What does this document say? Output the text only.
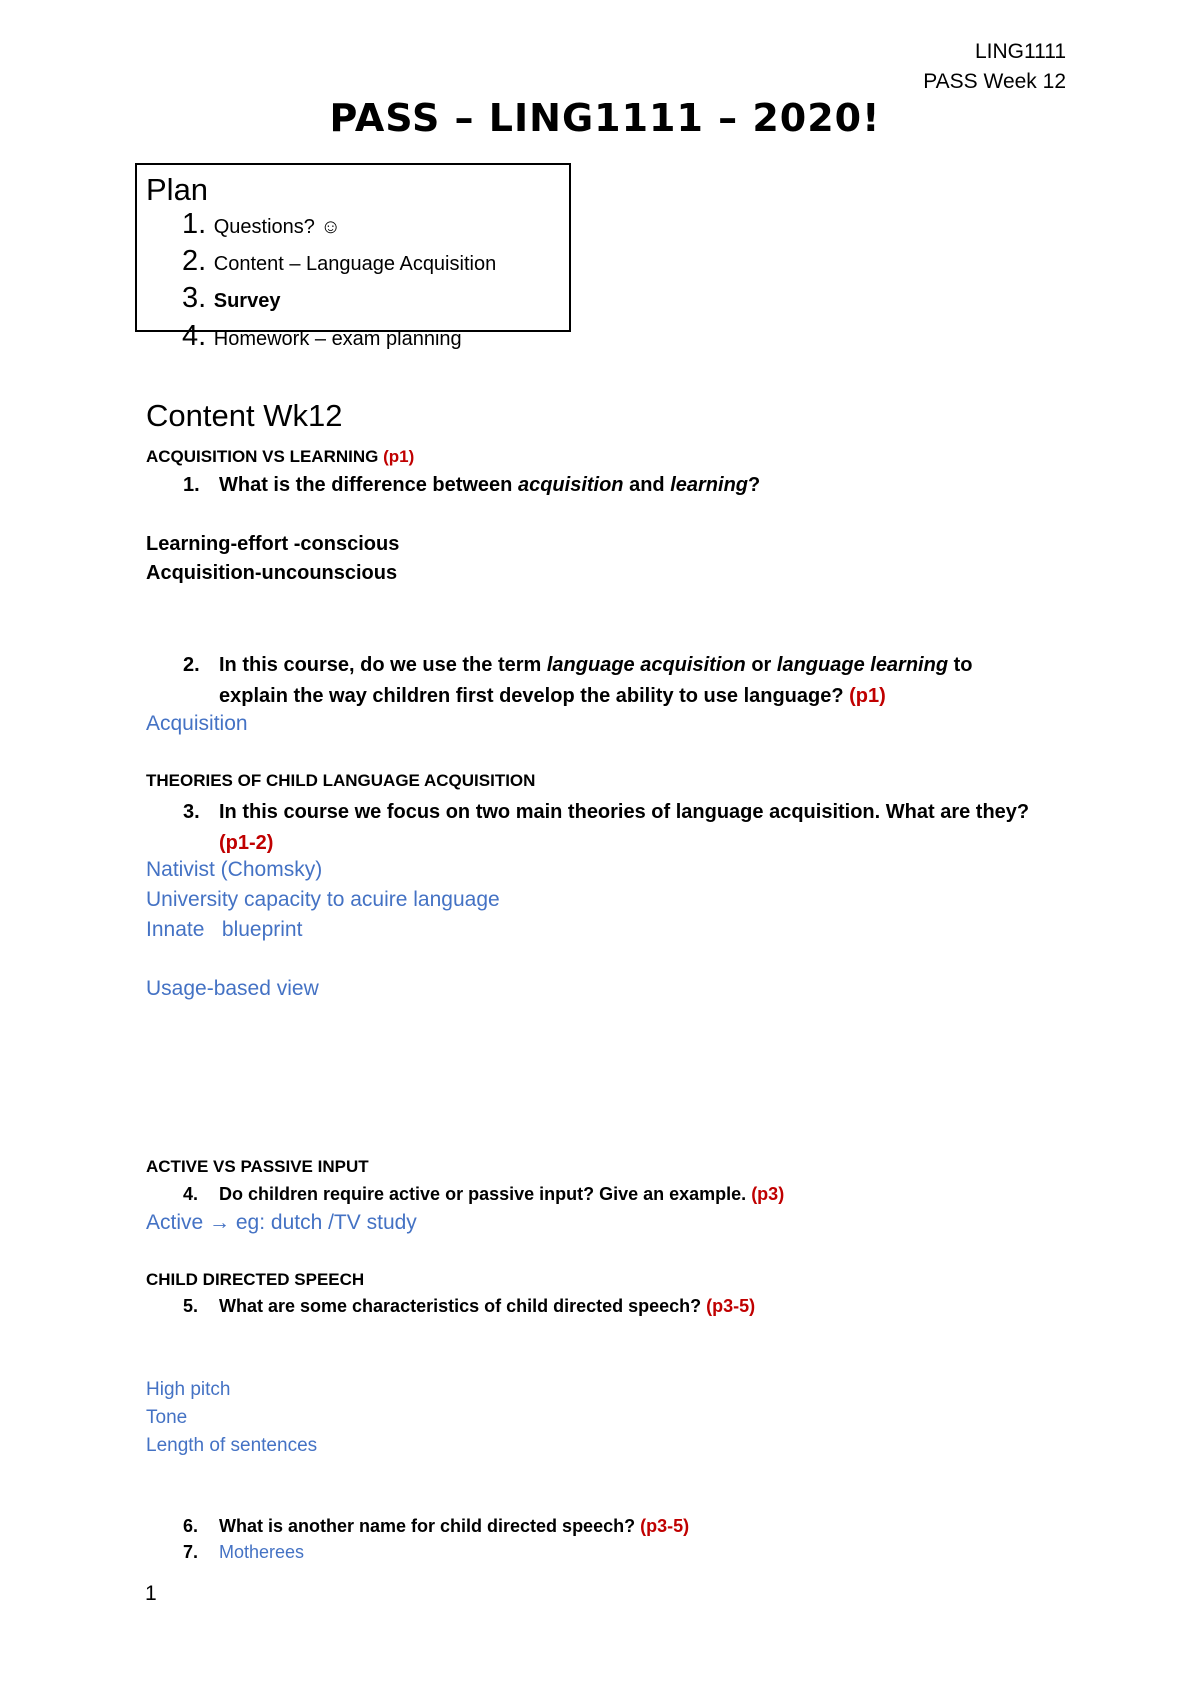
LING1111
PASS Week 12
PASS – LING1111 – 2020!
Plan
1. Questions? ☺
2. Content – Language Acquisition
3. Survey
4. Homework – exam planning
Content Wk12
ACQUISITION VS LEARNING (p1)
1. What is the difference between acquisition and learning?
Learning-effort -conscious
Acquisition-uncounscious
2. In this course, do we use the term language acquisition or language learning to explain the way children first develop the ability to use language? (p1)
Acquisition
THEORIES OF CHILD LANGUAGE ACQUISITION
3. In this course we focus on two main theories of language acquisition. What are they? (p1-2)
Nativist (Chomsky)
University capacity to acuire language
Innate   blueprint
Usage-based view
ACTIVE VS PASSIVE INPUT
4. Do children require active or passive input? Give an example. (p3)
Active → eg: dutch /TV study
CHILD DIRECTED SPEECH
5. What are some characteristics of child directed speech? (p3-5)
High pitch
Tone
Length of sentences
6. What is another name for child directed speech? (p3-5)
7. Motherees
1
